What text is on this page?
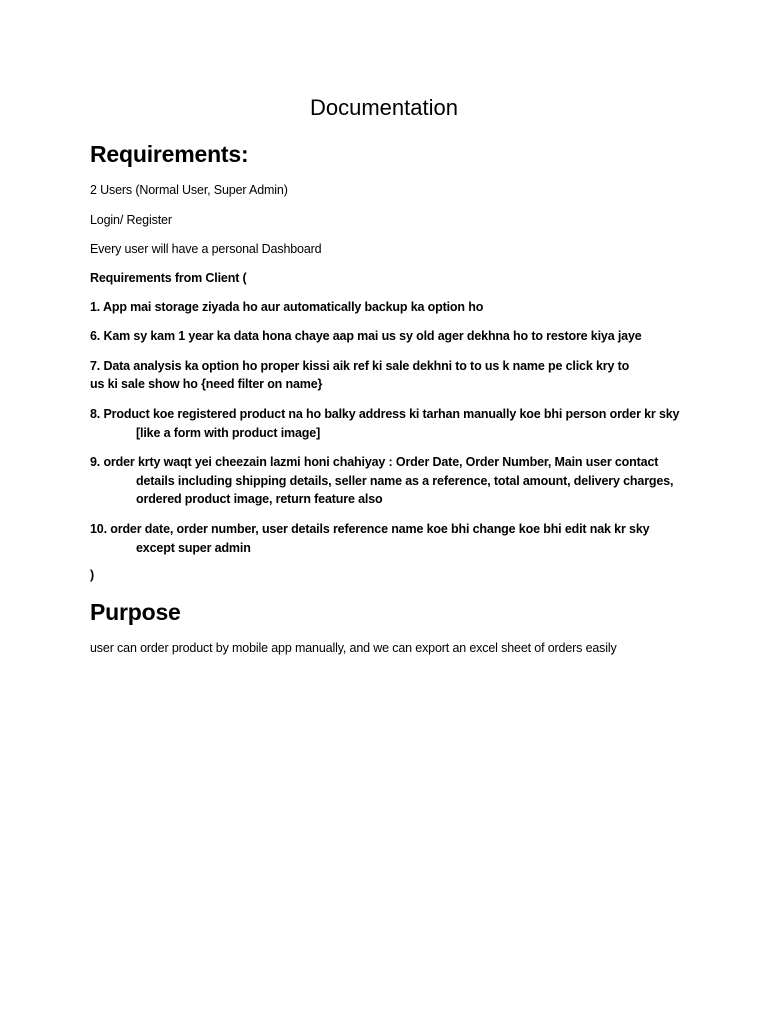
Documentation
Requirements:

2 Users (Normal User, Super Admin)

Login/ Register

Every user will have a personal Dashboard

Requirements from Client (

1. App mai storage ziyada ho aur automatically backup ka option ho

6. Kam sy kam 1 year ka data hona chaye aap mai us sy old ager dekhna ho to restore kiya jaye

7. Data analysis ka option ho proper kissi aik ref ki sale dekhni to to us k name pe click kry to
us ki sale show ho {need filter on name}
8. Product koe registered product na ho balky address ki tarhan manually koe bhi person order kr sky
[like a form with product image]
9. order krty waqt yei cheezain lazmi honi chahiyay : Order Date, Order Number, Main user contact
details including shipping details, seller name as a reference, total amount, delivery charges,
ordered product image, return feature also
10. order date, order number, user details reference name koe bhi change koe bhi edit nak kr sky
except super admin

)

Purpose

user can order product by mobile app manually, and we can export an excel sheet of orders easily
